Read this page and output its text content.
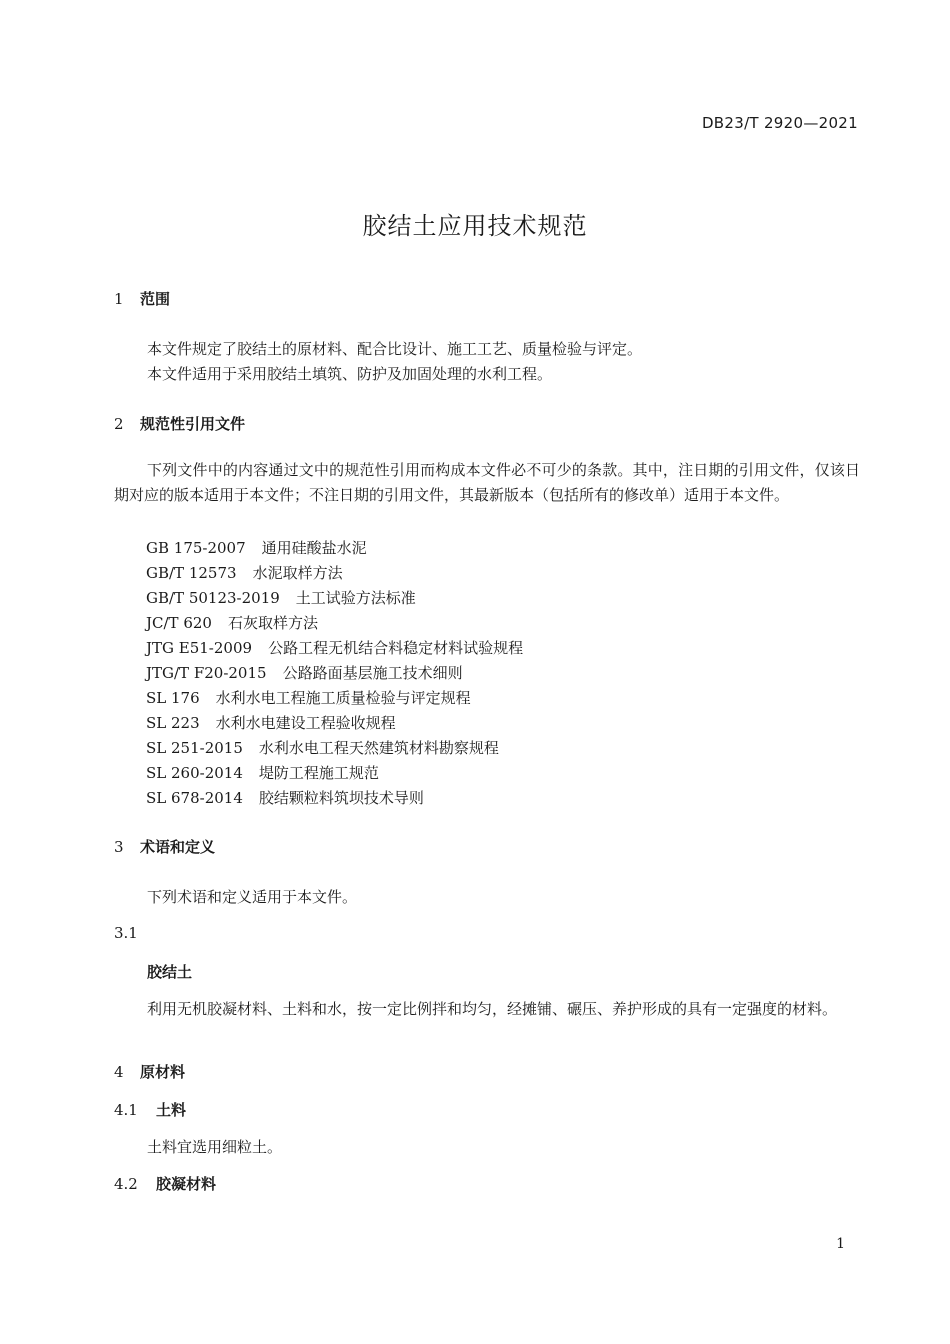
DB23/T 2920—2021
胶结土应用技术规范
1 范围
本文件规定了胶结土的原材料、配合比设计、施工工艺、质量检验与评定。
本文件适用于采用胶结土填筑、防护及加固处理的水利工程。
2 规范性引用文件
下列文件中的内容通过文中的规范性引用而构成本文件必不可少的条款。其中，注日期的引用文件，仅该日期对应的版本适用于本文件；不注日期的引用文件，其最新版本（包括所有的修改单）适用于本文件。
GB 175-2007 通用硅酸盐水泥
GB/T 12573 水泥取样方法
GB/T 50123-2019 土工试验方法标准
JC/T 620 石灰取样方法
JTG E51-2009 公路工程无机结合料稳定材料试验规程
JTG/T F20-2015 公路路面基层施工技术细则
SL 176 水利水电工程施工质量检验与评定规程
SL 223 水利水电建设工程验收规程
SL 251-2015 水利水电工程天然建筑材料勘察规程
SL 260-2014 堤防工程施工规范
SL 678-2014 胶结颗粒料筑坝技术导则
3 术语和定义
下列术语和定义适用于本文件。
3.1
胶结土
利用无机胶凝材料、土料和水，按一定比例拌和均匀，经摊铺、碾压、养护形成的具有一定强度的材料。
4 原材料
4.1 土料
土料宜选用细粒土。
4.2 胶凝材料
1
